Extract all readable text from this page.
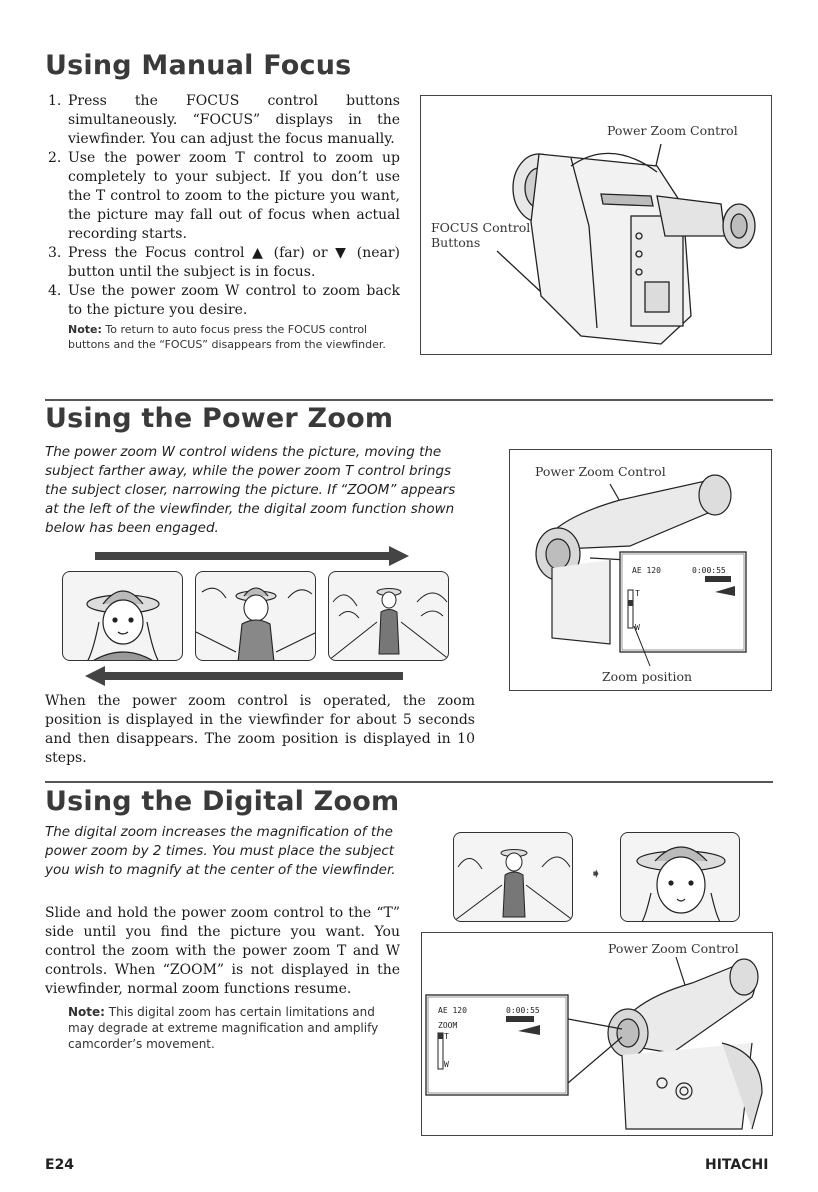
Using Manual Focus
1. Press the FOCUS control buttons simultaneously. “FOCUS” displays in the viewfinder. You can adjust the focus manually.
2. Use the power zoom T control to zoom up completely to your subject. If you don’t use the T control to zoom to the picture you want, the picture may fall out of focus when actual recording starts.
3. Press the Focus control ▲ (far) or ▼ (near) button until the subject is in focus.
4. Use the power zoom W control to zoom back to the picture you desire.
Note: To return to auto focus press the FOCUS control buttons and the “FOCUS” disappears from the viewfinder.
Power Zoom Control
FOCUS Control
Buttons
Using the Power Zoom
The power zoom W control widens the picture, moving the subject farther away, while the power zoom T control brings the subject closer, narrowing the picture. If “ZOOM” appears at the left of the viewfinder, the digital zoom function shown below has been engaged.
When the power zoom control is operated, the zoom position is displayed in the viewfinder for about 5 seconds and then disappears. The zoom position is displayed in 10 steps.
Power Zoom Control
Zoom position
AE 120	0:00:55
T
W
Using the Digital Zoom
The digital zoom increases the magnification of the power zoom by 2 times. You must place the subject you wish to magnify at the center of the viewfinder.
Slide and hold the power zoom control to the “T” side until you find the picture you want. You control the zoom with the power zoom T and W controls. When “ZOOM” is not displayed in the viewfinder, normal zoom functions resume.
Note: This digital zoom has certain limitations and may degrade at extreme magnification and amplify camcorder’s movement.
➧
Power Zoom Control
AE 120	0:00:55
ZOOM
T
W
E24	HITACHI
